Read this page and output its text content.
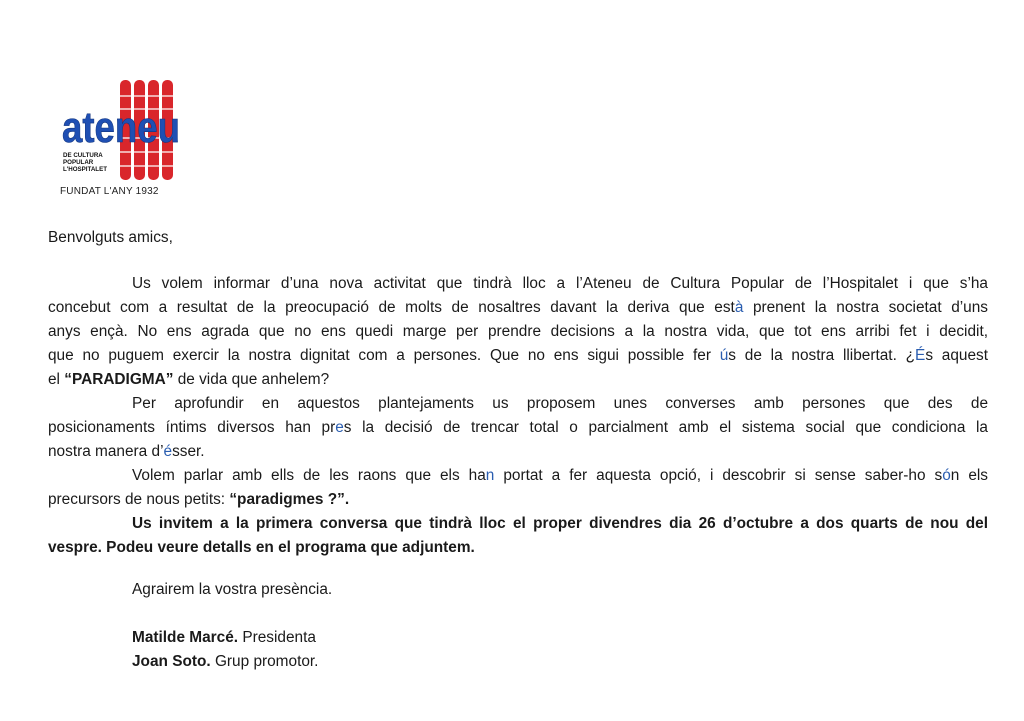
ateneu
DE CULTURA
POPULAR
L'HOSPITALET
FUNDAT L'ANY 1932

Benvolguts amics,

Us volem informar d’una nova activitat que tindrà lloc a l’Ateneu de Cultura Popular de l’Hospitalet i que s’ha
concebut com a resultat de la preocupació de molts de nosaltres davant la deriva que està prenent la nostra societat d’uns
anys ençà. No ens agrada que no ens quedi marge per prendre decisions a la nostra vida, que tot ens arribi fet i decidit,
que no puguem exercir la nostra dignitat com a persones. Que no ens sigui possible fer ús de la nostra llibertat. ¿És aquest
el “PARADIGMA” de vida que anhelem?

Per aprofundir en aquestos plantejaments us proposem unes converses amb persones que des de
posicionaments íntims diversos han pres la decisió de trencar total o parcialment amb el sistema social que condiciona la
nostra manera d’ésser.

Volem parlar amb ells de les raons que els han portat a fer aquesta opció, i descobrir si sense saber-ho són els
precursors de nous petits: “paradigmes ?”.

Us invitem a la primera conversa que tindrà lloc el proper divendres dia 26 d’octubre a dos quarts de nou del
vespre. Podeu veure detalls en el programa que adjuntem.

Agrairem la vostra presència.

Matilde Marcé. Presidenta
Joan Soto. Grup promotor.
